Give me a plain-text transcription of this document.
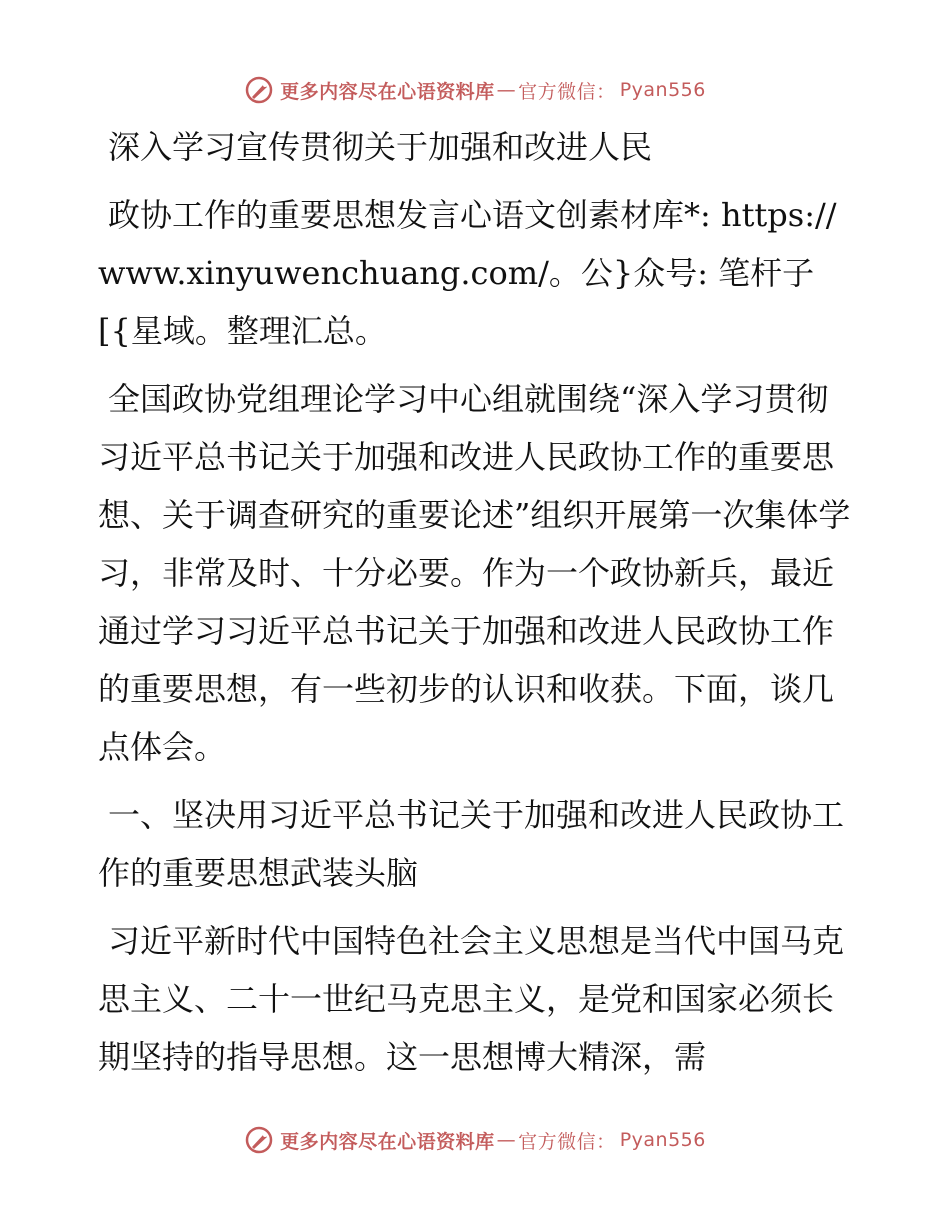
更多内容尽在心语资料库 — 官方微信： Pyan556

深入学习宣传贯彻关于加强和改进人民

政协工作的重要思想发言心语文创素材库*: https://www.xinyuwenchuang.com/。公}众号: 笔杆子[{星域。整理汇总。

全国政协党组理论学习中心组就围绕“深入学习贯彻习近平总书记关于加强和改进人民政协工作的重要思想、关于调查研究的重要论述”组织开展第一次集体学习，非常及时、十分必要。作为一个政协新兵，最近通过学习习近平总书记关于加强和改进人民政协工作的重要思想，有一些初步的认识和收获。下面，谈几点体会。

一、坚决用习近平总书记关于加强和改进人民政协工作的重要思想武装头脑

习近平新时代中国特色社会主义思想是当代中国马克思主义、二十一世纪马克思主义，是党和国家必须长期坚持的指导思想。这一思想博大精深，需

更多内容尽在心语资料库 — 官方微信： Pyan556
